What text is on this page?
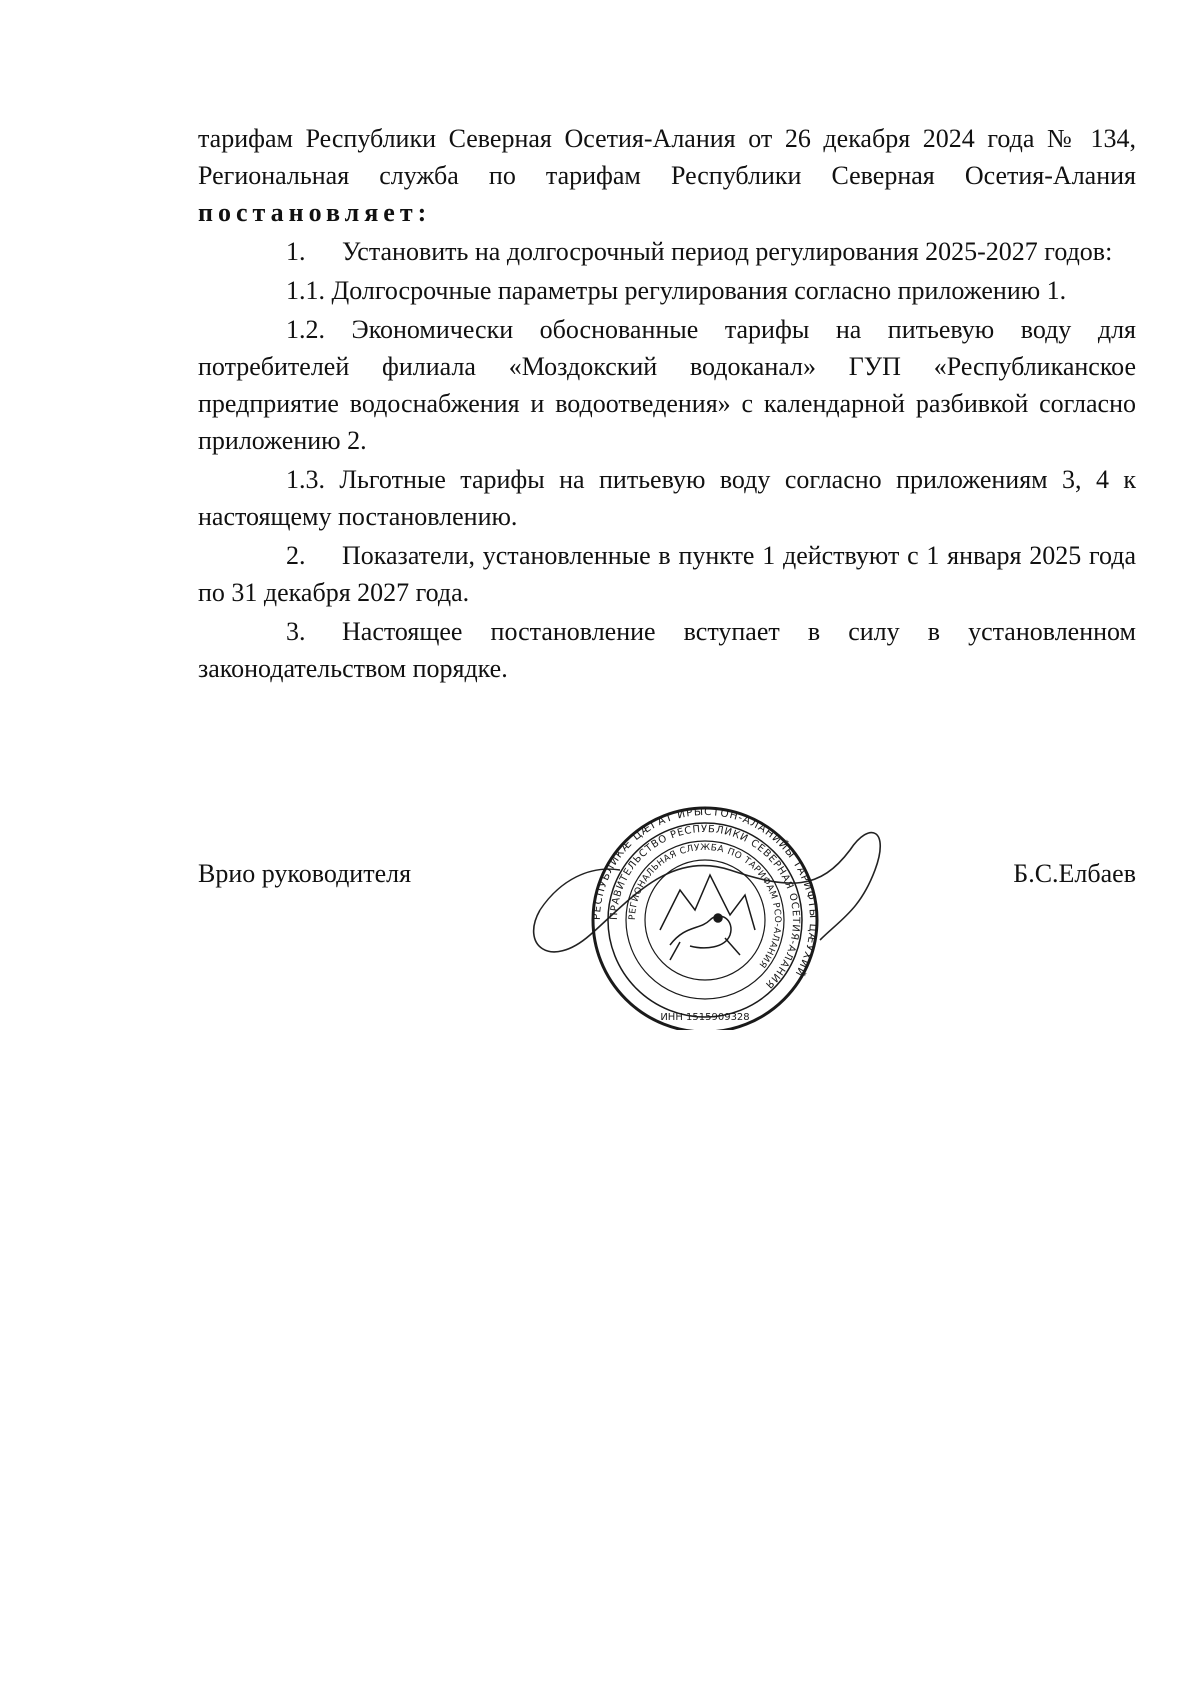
тарифам Республики Северная Осетия-Алания от 26 декабря 2024 года № 134, Региональная служба по тарифам Республики Северная Осетия-Алания постановляет:

1. Установить на долгосрочный период регулирования 2025-2027 годов:

1.1. Долгосрочные параметры регулирования согласно приложению 1.

1.2. Экономически обоснованные тарифы на питьевую воду для потребителей филиала «Моздокский водоканал» ГУП «Республиканское предприятие водоснабжения и водоотведения» с календарной разбивкой согласно приложению 2.

1.3. Льготные тарифы на питьевую воду согласно приложениям 3, 4 к настоящему постановлению.

2. Показатели, установленные в пункте 1 действуют с 1 января 2025 года по 31 декабря 2027 года.

3. Настоящее постановление вступает в силу в установленном законодательством порядке.

Врио руководителя	Б.С.Елбаев
РЕСПУБЛИКӔ ЦӔГАТ ИРЫСТОН-АЛАНИЙЫ ТАРИФТЫ ЦӔУХИЙ
ПРАВИТЕЛЬСТВО РЕСПУБЛИКИ СЕВЕРНАЯ ОСЕТИЯ-АЛАНИЯ
РЕГИОНАЛЬНАЯ СЛУЖБА ПО ТАРИФАМ РСО-АЛАНИЯ
ИНН 1515909328
